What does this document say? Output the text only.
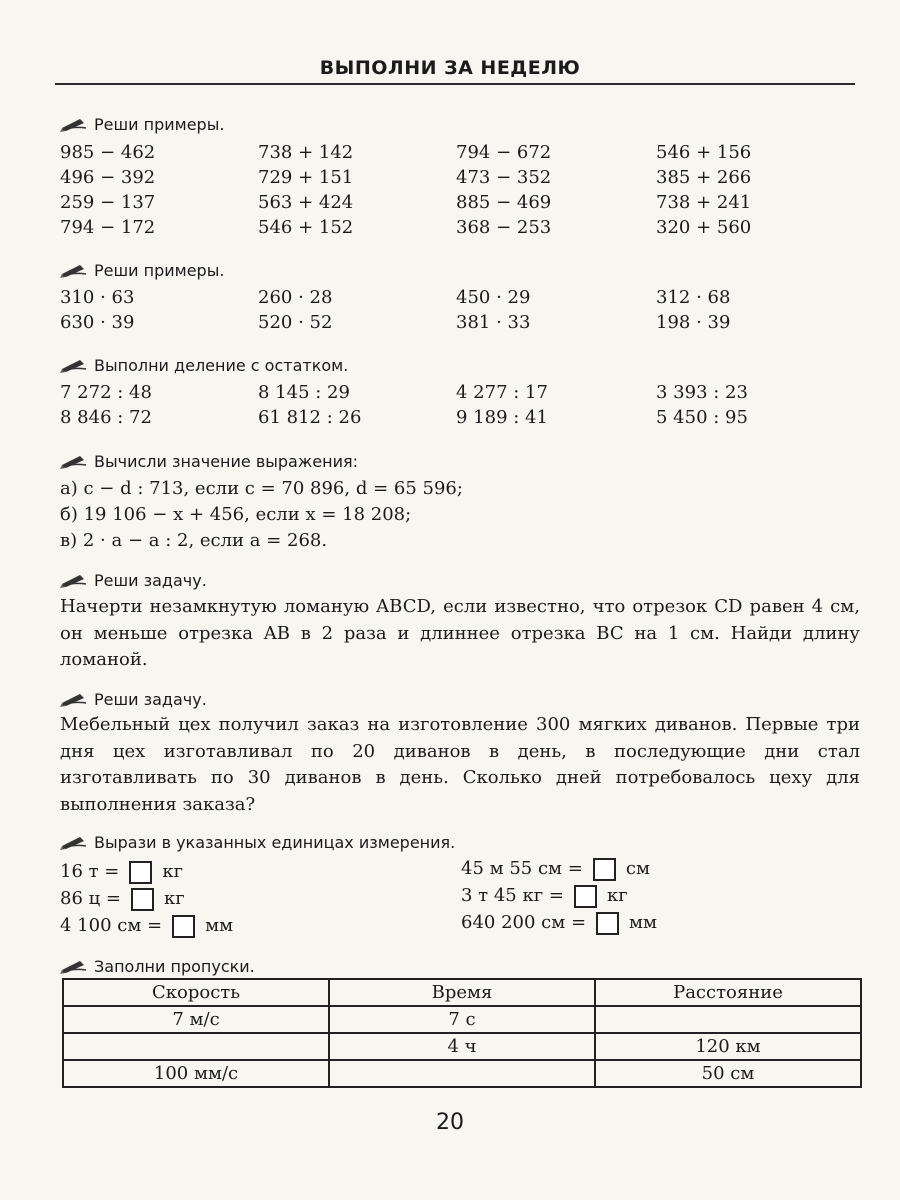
ВЫПОЛНИ ЗА НЕДЕЛЮ
Реши примеры.
985 − 462	738 + 142	794 − 672	546 + 156
496 − 392	729 + 151	473 − 352	385 + 266
259 − 137	563 + 424	885 − 469	738 + 241
794 − 172	546 + 152	368 − 253	320 + 560
Реши примеры.
310 · 63	260 · 28	450 · 29	312 · 68
630 · 39	520 · 52	381 · 33	198 · 39
Выполни деление с остатком.
7 272 : 48	8 145 : 29	4 277 : 17	3 393 : 23
8 846 : 72	61 812 : 26	9 189 : 41	5 450 : 95
Вычисли значение выражения:
а) c − d : 713, если c = 70 896, d = 65 596;
б) 19 106 − x + 456, если x = 18 208;
в) 2 · a − a : 2, если a = 268.
Реши задачу.
Начерти незамкнутую ломаную ABCD, если известно, что отрезок CD равен 4 см, он меньше отрезка AB в 2 раза и длиннее отрезка BC на 1 см. Найди длину ломаной.
Реши задачу.
Мебельный цех получил заказ на изготовление 300 мягких диванов. Первые три дня цех изготавливал по 20 диванов в день, в последующие дни стал изготавливать по 30 диванов в день. Сколько дней потребовалось цеху для выполнения заказа?
Вырази в указанных единицах измерения.
16 т = кг
86 ц = кг
4 100 см = мм
45 м 55 см = см
3 т 45 кг = кг
640 200 см = мм
Заполни пропуски.
Скорость	Время	Расстояние
7 м/с	7 с	
	4 ч	120 км
100 мм/с		50 см
20
